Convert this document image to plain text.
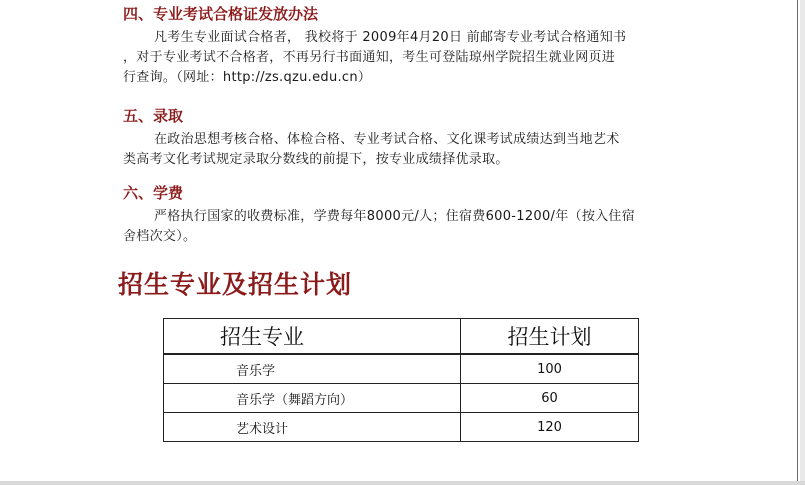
四、专业考试合格证发放办法
凡考生专业面试合格者， 我校将于 2009年4月20日 前邮寄专业考试合格通知书
，对于专业考试不合格者，不再另行书面通知，考生可登陆琼州学院招生就业网页进
行查询。（网址：http://zs.qzu.edu.cn）
五、录取
在政治思想考核合格、体检合格、专业考试合格、文化课考试成绩达到当地艺术
类高考文化考试规定录取分数线的前提下，按专业成绩择优录取。
六、学费
严格执行国家的收费标准，学费每年8000元/人；住宿费600-1200/年（按入住宿
舍档次交）。
招生专业及招生计划
招生专业	招生计划
音乐学	100
音乐学（舞蹈方向）	60
艺术设计	120
